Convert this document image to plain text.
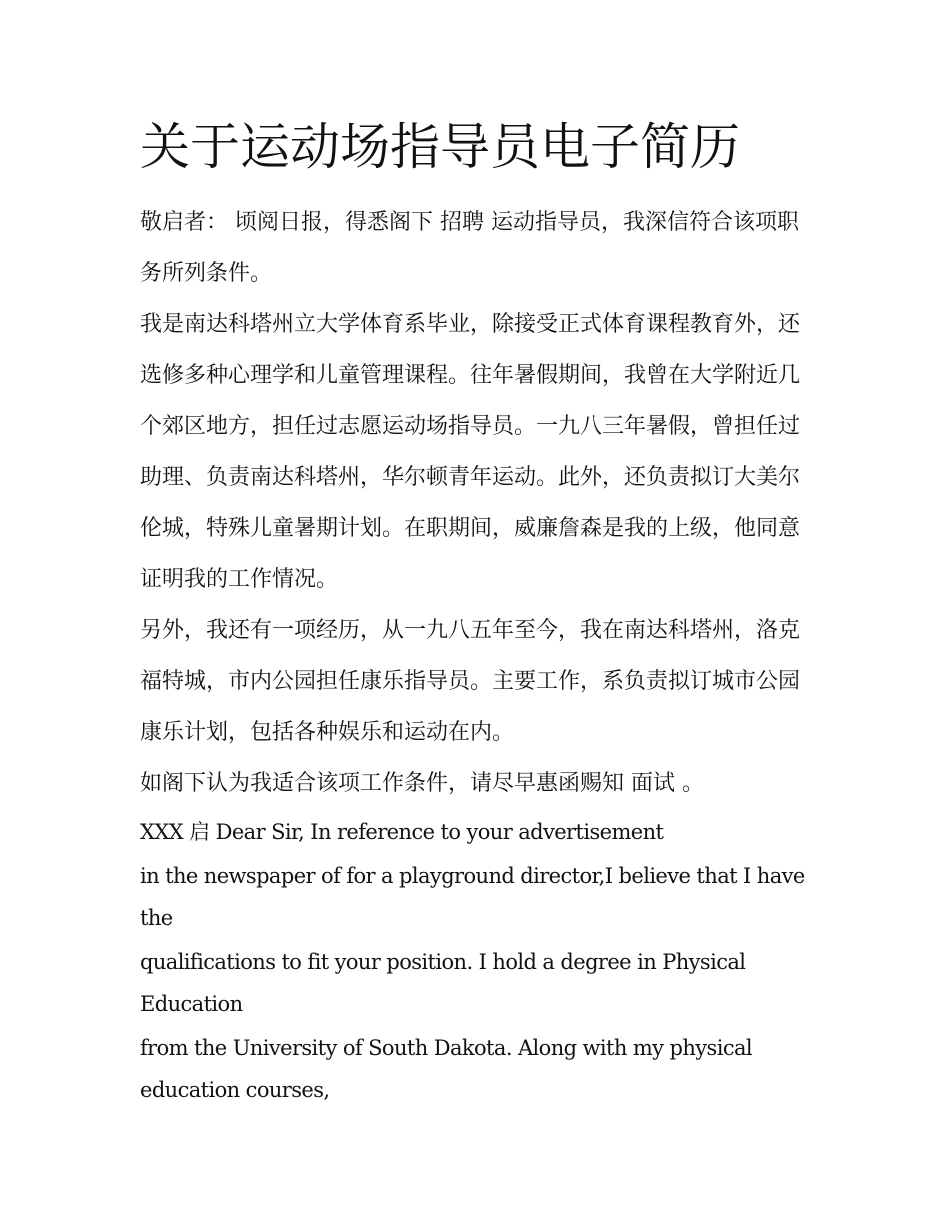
关于运动场指导员电子简历

敬启者： 顷阅日报，得悉阁下 招聘 运动指导员，我深信符合该项职务所列条件。

我是南达科塔州立大学体育系毕业，除接受正式体育课程教育外，还选修多种心理学和儿童管理课程。往年暑假期间，我曾在大学附近几个郊区地方，担任过志愿运动场指导员。一九八三年暑假，曾担任过助理、负责南达科塔州，华尔顿青年运动。此外，还负责拟订大美尔伦城，特殊儿童暑期计划。在职期间，威廉詹森是我的上级，他同意证明我的工作情况。

另外，我还有一项经历，从一九八五年至今，我在南达科塔州，洛克福特城，市内公园担任康乐指导员。主要工作，系负责拟订城市公园康乐计划，包括各种娱乐和运动在内。

如阁下认为我适合该项工作条件，请尽早惠函赐知 面试 。

XXX 启 Dear Sir, In reference to your advertisement

in the newspaper of for a playground director,I believe that I have the

qualifications to fit your position. I hold a degree in Physical Education

from the University of South Dakota. Along with my physical education courses,
